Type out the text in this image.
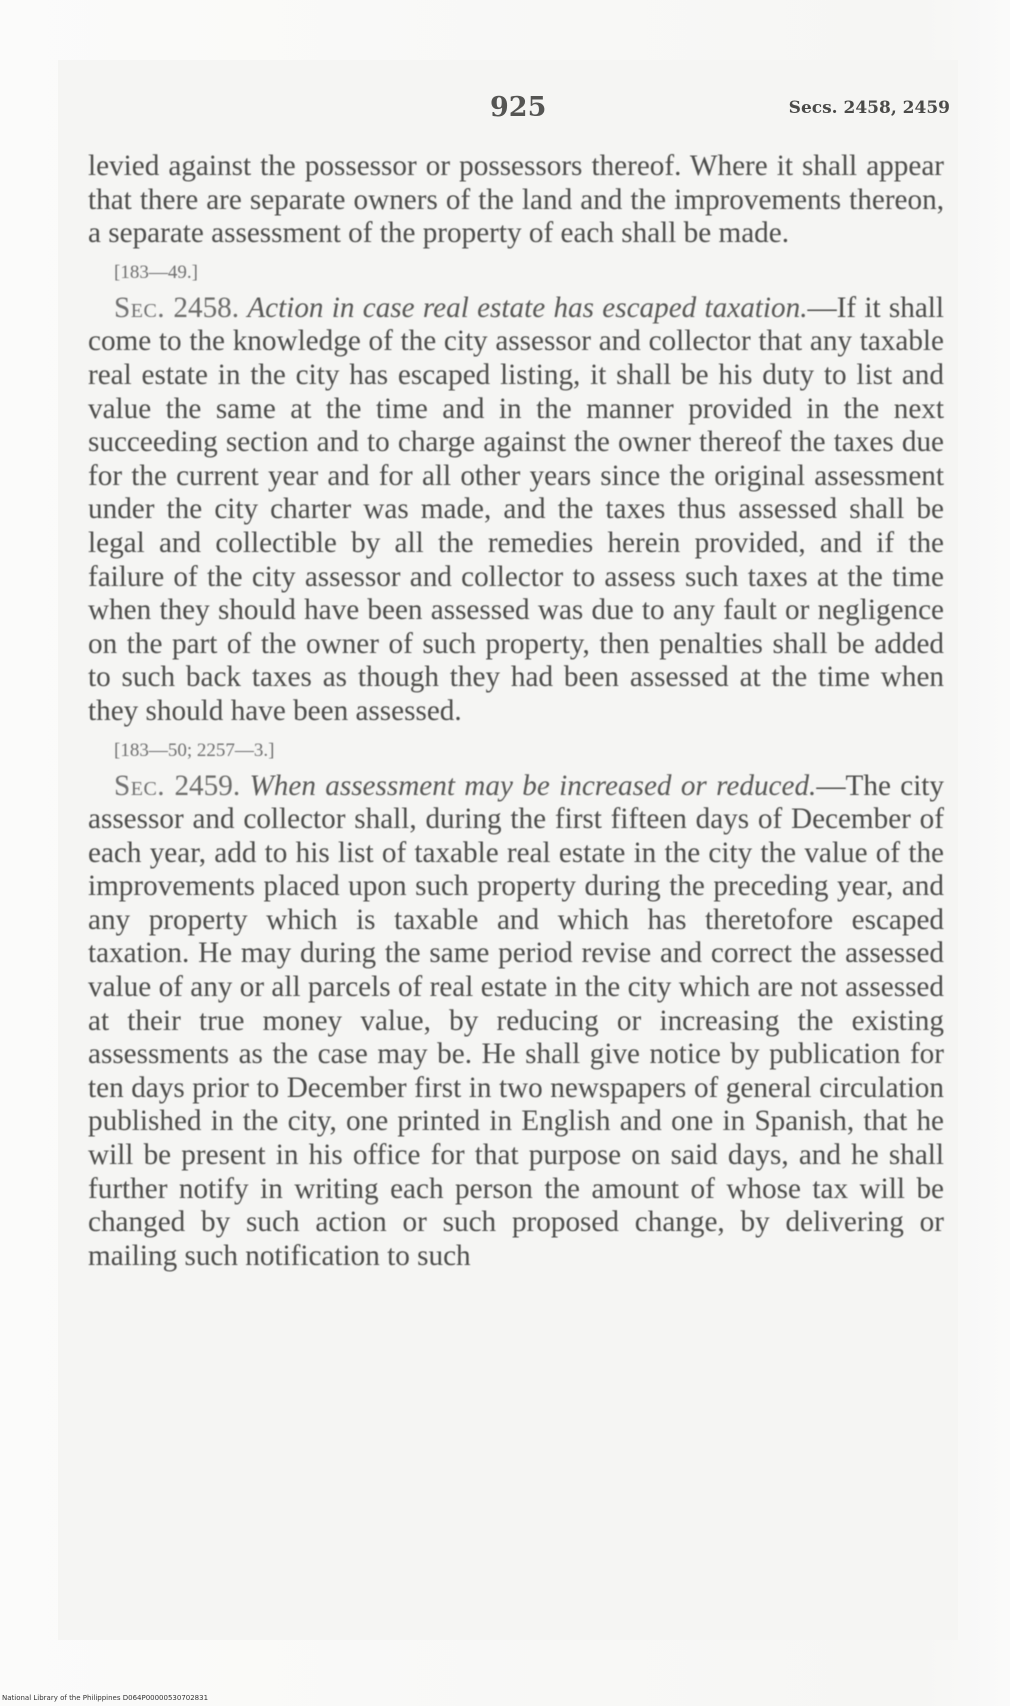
925	Secs. 2458, 2459

levied against the possessor or possessors thereof. Where it shall appear that there are separate owners of the land and the improvements thereon, a separate assessment of the property of each shall be made.

[183—49.]

Sec. 2458. Action in case real estate has escaped taxation.—If it shall come to the knowledge of the city assessor and collector that any taxable real estate in the city has escaped listing, it shall be his duty to list and value the same at the time and in the manner provided in the next succeeding section and to charge against the owner thereof the taxes due for the current year and for all other years since the original assessment under the city charter was made, and the taxes thus assessed shall be legal and collectible by all the remedies herein provided, and if the failure of the city assessor and collector to assess such taxes at the time when they should have been assessed was due to any fault or negligence on the part of the owner of such property, then penalties shall be added to such back taxes as though they had been assessed at the time when they should have been assessed.

[183—50; 2257—3.]

Sec. 2459. When assessment may be increased or reduced.—The city assessor and collector shall, during the first fifteen days of December of each year, add to his list of taxable real estate in the city the value of the improvements placed upon such property during the preceding year, and any property which is taxable and which has theretofore escaped taxation. He may during the same period revise and correct the assessed value of any or all parcels of real estate in the city which are not assessed at their true money value, by reducing or increasing the existing assessments as the case may be. He shall give notice by publication for ten days prior to December first in two newspapers of general circulation published in the city, one printed in English and one in Spanish, that he will be present in his office for that purpose on said days, and he shall further notify in writing each person the amount of whose tax will be changed by such action or such proposed change, by delivering or mailing such notification to such

National Library of the Philippines D064P00000530702831
